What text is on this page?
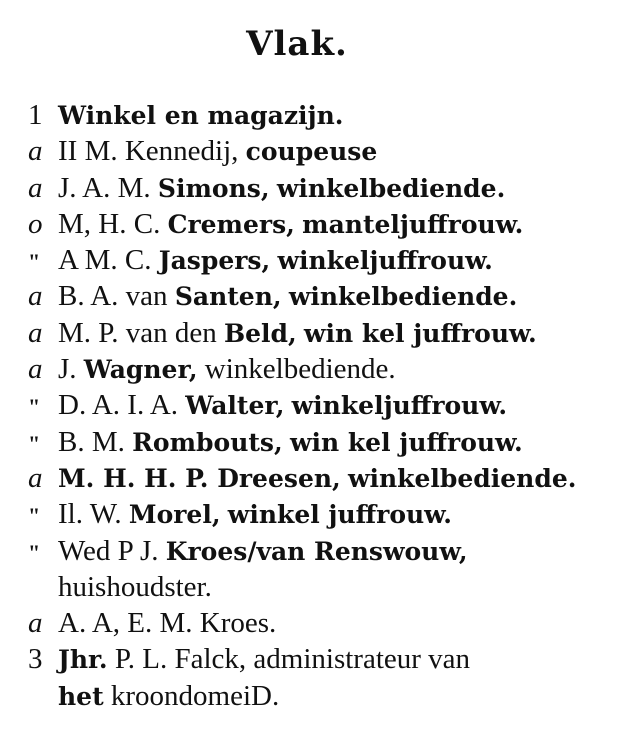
Vlak.
1 Winkel en magazijn.
a II M. Kennedij, coupeuse
a J. A. M. Simons, winkelbediende.
o M, H. C. Cremers, manteljuffrouw.
" A M. C. Jaspers, winkeljuffrouw.
a B. A. van Santen, winkelbediende.
a M. P. van den Beld, win kel juffrouw.
a J. Wagner, winkelbediende.
" D. A. I. A. Walter, winkeljuffrouw.
" B. M. Rombouts, win kel juffrouw.
a M. H. H. P. Dreesen, winkelbediende.
" Il. W. Morel, winkel juffrouw.
" Wed P J. Kroes/van Renswouw,
huishoudster.
a A. A, E. M. Kroes.
3 Jhr. P. L. Falck, administrateur van
het kroondomeiD.
